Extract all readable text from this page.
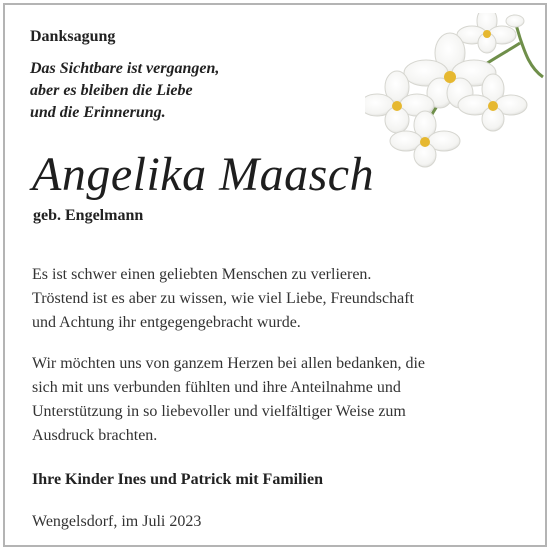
Danksagung
Das Sichtbare ist vergangen,
aber es bleiben die Liebe
und die Erinnerung.
Angelika Maasch
geb. Engelmann
Es ist schwer einen geliebten Menschen zu verlieren.
Tröstend ist es aber zu wissen, wie viel Liebe, Freundschaft
und Achtung ihr entgegengebracht wurde.
Wir möchten uns von ganzem Herzen bei allen bedanken, die
sich mit uns verbunden fühlten und ihre Anteilnahme und
Unterstützung in so liebevoller und vielfältiger Weise zum
Ausdruck brachten.
Ihre Kinder Ines und Patrick mit Familien
Wengelsdorf, im Juli 2023
